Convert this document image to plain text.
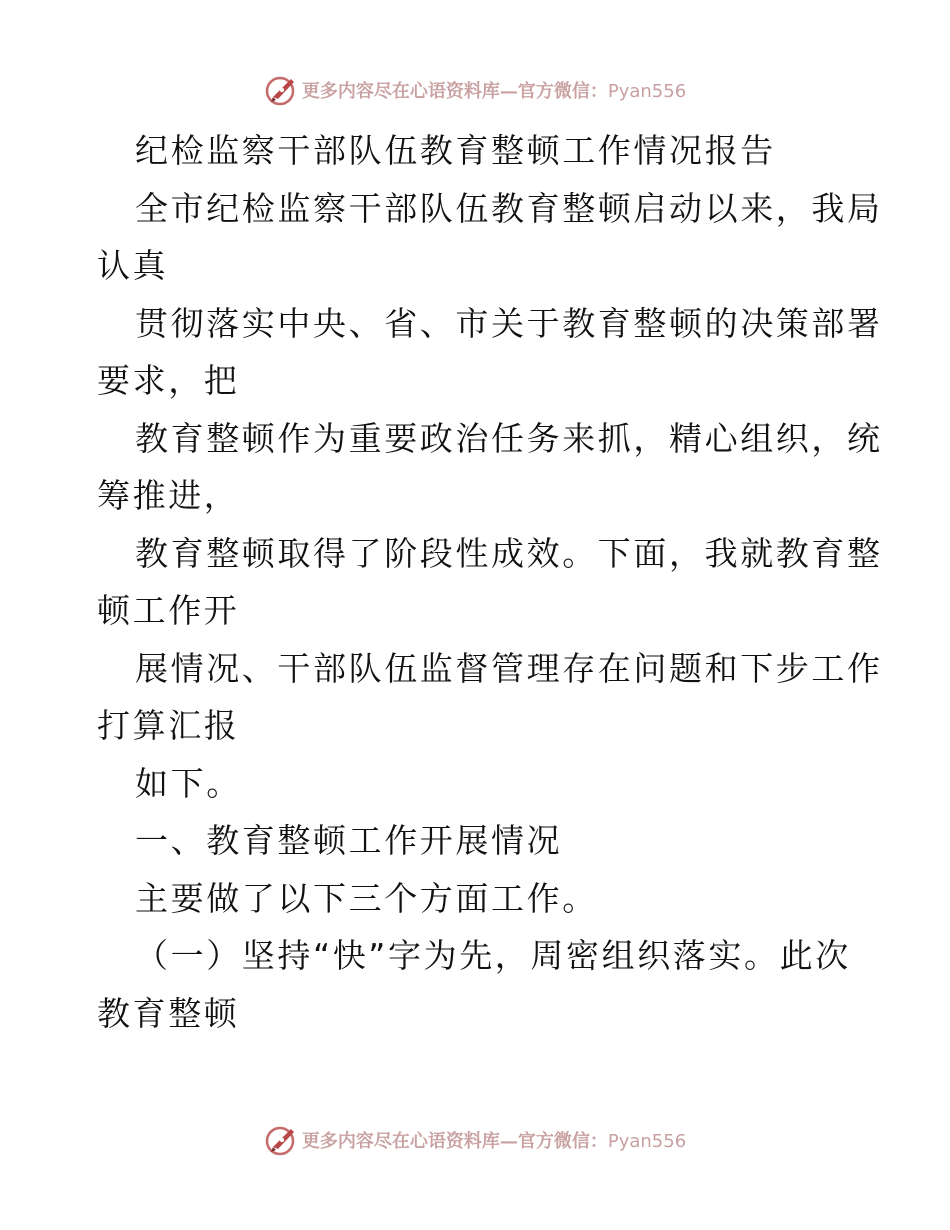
更多内容尽在心语资料库—官方微信：Pyan556
纪检监察干部队伍教育整顿工作情况报告
全市纪检监察干部队伍教育整顿启动以来，我局
认真
贯彻落实中央、省、市关于教育整顿的决策部署
要求，把
教育整顿作为重要政治任务来抓，精心组织，统
筹推进，
教育整顿取得了阶段性成效。下面，我就教育整
顿工作开
展情况、干部队伍监督管理存在问题和下步工作
打算汇报
如下。
一、教育整顿工作开展情况
主要做了以下三个方面工作。
（一）坚持“快”字为先，周密组织落实。此次
教育整顿
更多内容尽在心语资料库—官方微信：Pyan556
